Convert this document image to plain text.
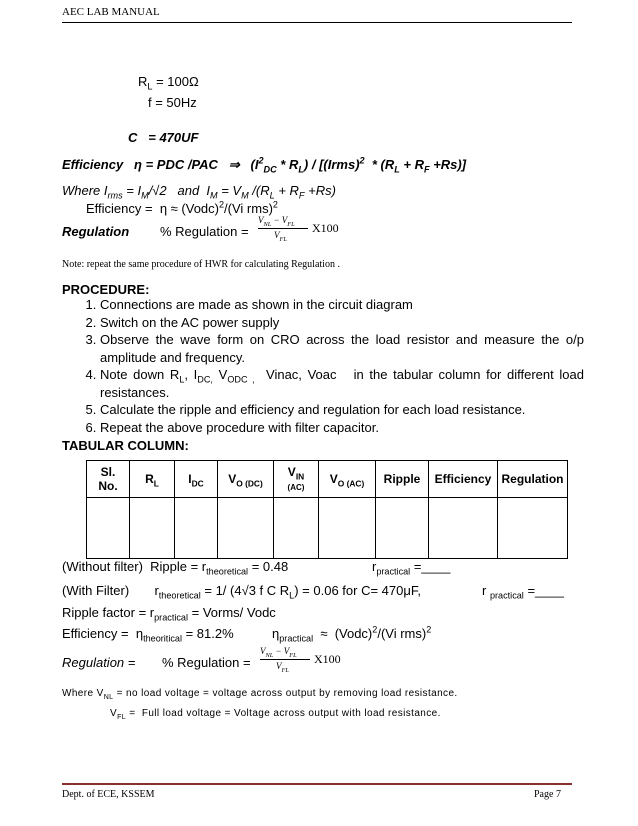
AEC LAB MANUAL
$R_L = 100\Omega$
f = 50Hz
C = 470UF
Efficiency η = PDC /PAC ⇒   $(I^2_{DC} * R_L)$ / [(Irms)$^2$  * $(R_L + R_F +Rs)$]
Where $I_{rms} = I_M/√2$   and  $I_M = V_M$ $/(R_L + R_F +Rs)$
Efficiency =  η ≈ (Vodc)$^2$/(Vi rms)$^2$
Regulation % Regulation =
$V_{NL} - V_{FL}$
$V_{FL}$
X100
Note: repeat the same procedure of HWR for calculating Regulation .
PROCEDURE:
1. Connections are made as shown in the circuit diagram
2. Switch on the AC power supply
3. Observe the wave form on CRO across the load resistor and measure the o/p amplitude and frequency.
4. Note down $R_L$, $I_{DC,}$ $V_{ODC ,}$  Vinac, Voac   in the tabular column for different load resistances.
5. Calculate the ripple and efficiency and regulation for each load resistance.
6. Repeat the above procedure with filter capacitor.
TABULAR COLUMN:
Sl.
No.	$R_L$	$I_{DC}$	$V_{O (DC)}$	$V_{IN}$
(AC)	$V_{O (AC)}$	Ripple	Efficiency	Regulation

(Without filter)  Ripple = $r_{theoretical} = 0.48$	$r_{practical}$ =____
(With Filter)       $r_{theoretical} = 1/$ (4√3 f C $R_L) = 0.06$ for C= 470μF,	r $_{practical}$ =____
Ripple factor = $r_{practical}$ = Vorms/ Vodc
Efficiency =  $\eta_{theoritical} = 81.2\%$	$\eta_{practical}$  ≈  (Vodc)$^2$/(Vi rms)$^2$
Regulation = % Regulation =
$V_{NL} - V_{FL}$
$V_{FL}$
X100
Where $V_{NL}$ = no load voltage = voltage across output by removing load resistance.
$V_{FL}$ =  Full load voltage = Voltage across output with load resistance.
Dept. of ECE, KSSEM	Page 7
